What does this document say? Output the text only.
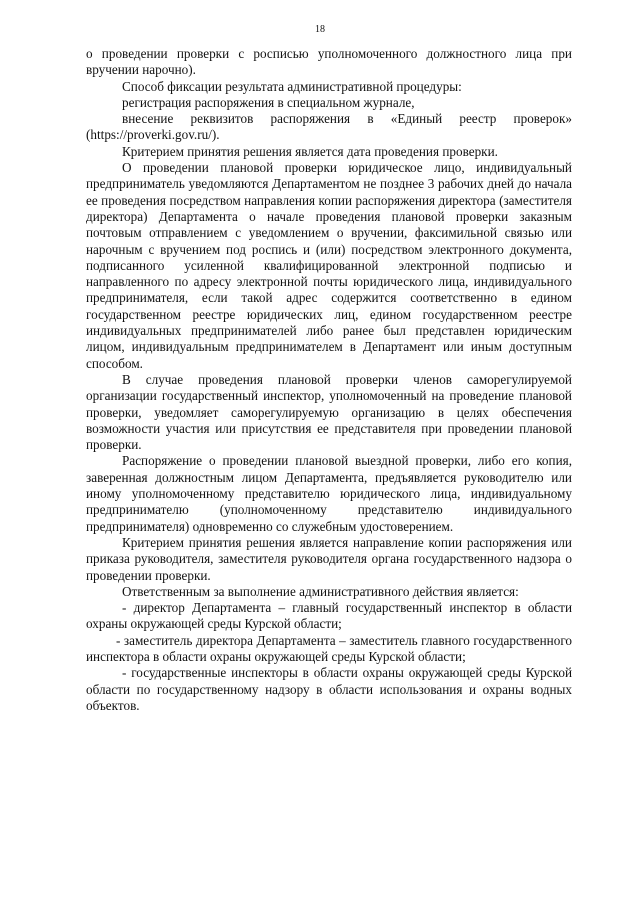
18

о проведении проверки с росписью уполномоченного должностного лица при вручении нарочно).

Способ фиксации результата административной процедуры:

регистрация распоряжения в специальном журнале,

внесение реквизитов распоряжения в «Единый реестр проверок» (https://proverki.gov.ru/).

Критерием принятия решения является дата проведения проверки.

О проведении плановой проверки юридическое лицо, индивидуальный предприниматель уведомляются Департаментом не позднее 3 рабочих дней до начала ее проведения посредством направления копии распоряжения директора (заместителя директора) Департамента о начале проведения плановой проверки заказным почтовым отправлением с уведомлением о вручении, факсимильной связью или нарочным с вручением под роспись и (или) посредством электронного документа, подписанного усиленной квалифицированной электронной подписью и направленного по адресу электронной почты юридического лица, индивидуального предпринимателя, если такой адрес содержится соответственно в едином государственном реестре юридических лиц, едином государственном реестре индивидуальных предпринимателей либо ранее был представлен юридическим лицом, индивидуальным предпринимателем в Департамент или иным доступным способом.

В случае проведения плановой проверки членов саморегулируемой организации государственный инспектор, уполномоченный на проведение плановой проверки, уведомляет саморегулируемую организацию в целях обеспечения возможности участия или присутствия ее представителя при проведении плановой проверки.

Распоряжение о проведении плановой выездной проверки, либо его копия, заверенная должностным лицом Департамента, предъявляется руководителю или иному уполномоченному представителю юридического лица, индивидуальному предпринимателю (уполномоченному представителю индивидуального предпринимателя) одновременно со служебным удостоверением.

Критерием принятия решения является направление копии распоряжения или приказа руководителя, заместителя руководителя органа государственного надзора о проведении проверки.

Ответственным за выполнение административного действия является:

- директор Департамента – главный государственный инспектор в области охраны окружающей среды Курской области;

- заместитель директора Департамента – заместитель главного государственного инспектора в области охраны окружающей среды Курской области;

- государственные инспекторы в области охраны окружающей среды Курской области по государственному надзору в области использования и охраны водных объектов.
